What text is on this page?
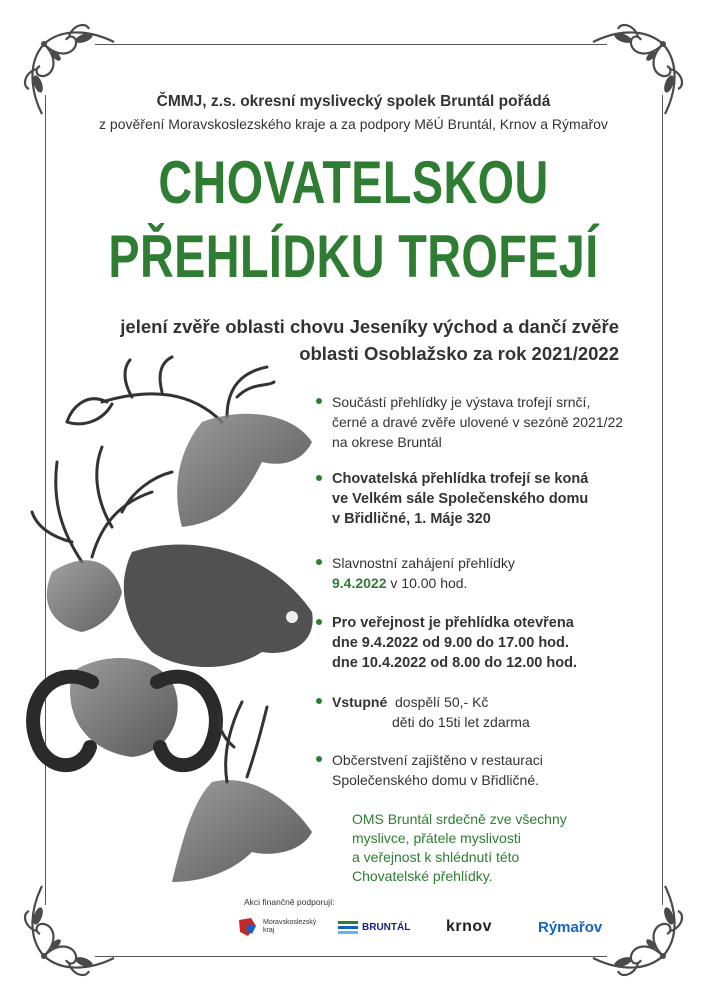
ČMMJ, z.s. okresní myslivecký spolek Bruntál pořádá
z pověření Moravskoslezského kraje a za podpory MěÚ Bruntál, Krnov a Rýmařov
CHOVATELSKOU
PŘEHLÍDKU TROFEJÍ
jelení zvěře oblasti chovu Jeseníky východ a dančí zvěře
oblasti Osoblažsko za rok 2021/2022
Součástí přehlídky je výstava trofejí srnčí,
černé a dravé zvěře ulovené v sezóně 2021/22
na okrese Bruntál
Chovatelská přehlídka trofejí se koná
ve Velkém sále Společenského domu
v Břidličné, 1. Máje 320
Slavnostní zahájení přehlídky
9.4.2022 v 10.00 hod.
Pro veřejnost je přehlídka otevřena
dne 9.4.2022 od 9.00 do 17.00 hod.
dne 10.4.2022 od 8.00 do 12.00 hod.
Vstupné dospělí 50,- Kč
děti do 15ti let zdarma
Občerstvení zajištěno v restauraci
Společenského domu v Břidličné.
OMS Bruntál srdečně zve všechny
myslivce, přátele myslivosti
a veřejnost k shlédnutí této
Chovatelské přehlídky.
Akci finančně podporují:
Moravskoslezský kraj	BRUNTÁL krnov	Rýmařov
